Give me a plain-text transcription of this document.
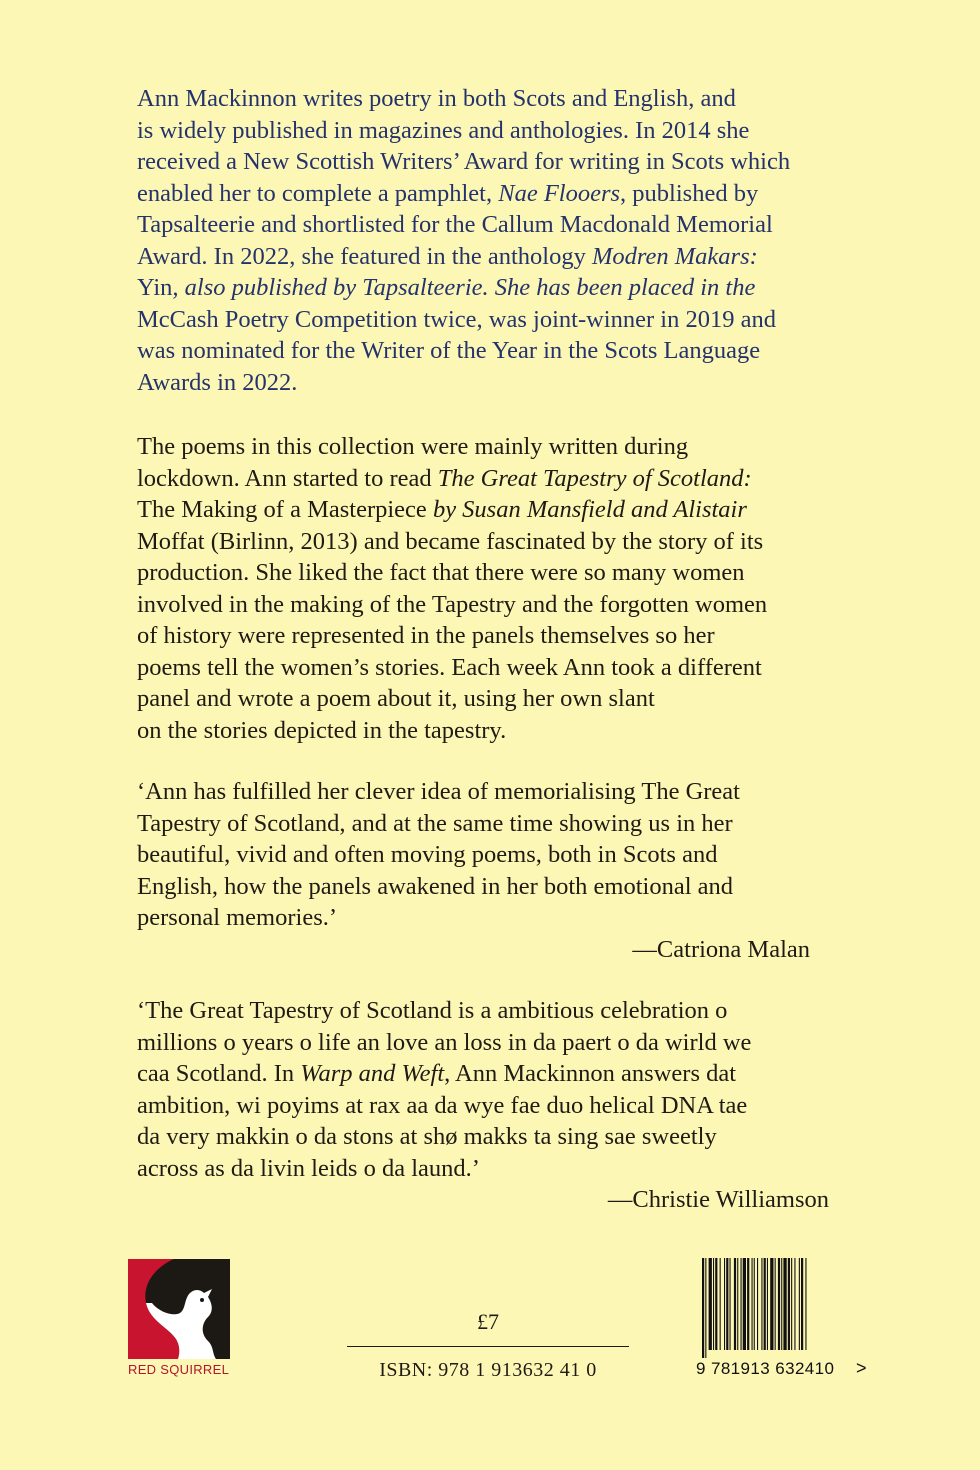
Ann Mackinnon writes poetry in both Scots and English, and
is widely published in magazines and anthologies. In 2014 she
received a New Scottish Writers’ Award for writing in Scots which
enabled her to complete a pamphlet, Nae Flooers, published by
Tapsalteerie and shortlisted for the Callum Macdonald Memorial
Award. In 2022, she featured in the anthology Modren Makars:
Yin, also published by Tapsalteerie. She has been placed in the
McCash Poetry Competition twice, was joint-winner in 2019 and
was nominated for the Writer of the Year in the Scots Language
Awards in 2022.
The poems in this collection were mainly written during
lockdown. Ann started to read The Great Tapestry of Scotland:
The Making of a Masterpiece by Susan Mansfield and Alistair
Moffat (Birlinn, 2013) and became fascinated by the story of its
production. She liked the fact that there were so many women
involved in the making of the Tapestry and the forgotten women
of history were represented in the panels themselves so her
poems tell the women’s stories. Each week Ann took a different
panel and wrote a poem about it, using her own slant
on the stories depicted in the tapestry.
‘Ann has fulfilled her clever idea of memorialising The Great
Tapestry of Scotland, and at the same time showing us in her
beautiful, vivid and often moving poems, both in Scots and
English, how the panels awakened in her both emotional and
personal memories.’
—Catriona Malan
‘The Great Tapestry of Scotland is a ambitious celebration o
millions o years o life an love an loss in da paert o da wirld we
caa Scotland. In Warp and Weft, Ann Mackinnon answers dat
ambition, wi poyims at rax aa da wye fae duo helical DNA tae
da very makkin o da stons at shø makks ta sing sae sweetly
across as da livin leids o da laund.’
—Christie Williamson
RED SQUIRREL
£7
ISBN: 978 1 913632 41 0	9 781913 632410	>
